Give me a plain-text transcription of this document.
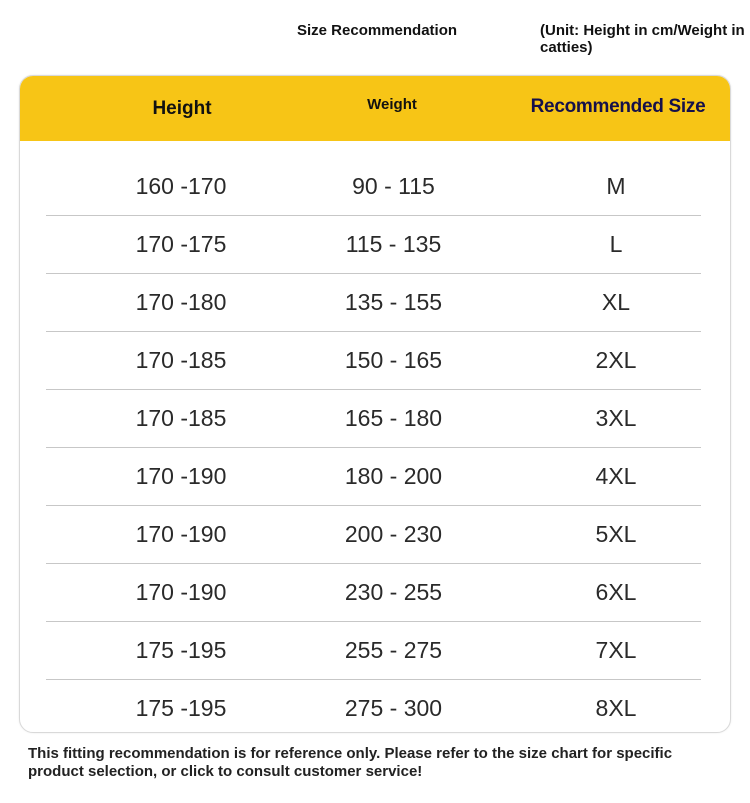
Size Recommendation	(Unit: Height in cm/Weight in catties)
Height	Weight	Recommended Size
160 -170	90 - 115	M
170 -175	115 - 135	L
170 -180	135 - 155	XL
170 -185	150 - 165	2XL
170 -185	165 - 180	3XL
170 -190	180 - 200	4XL
170 -190	200 - 230	5XL
170 -190	230 - 255	6XL
175 -195	255 - 275	7XL
175 -195	275 - 300	8XL
This fitting recommendation is for reference only. Please refer to the size chart for specific product selection, or click to consult customer service!
